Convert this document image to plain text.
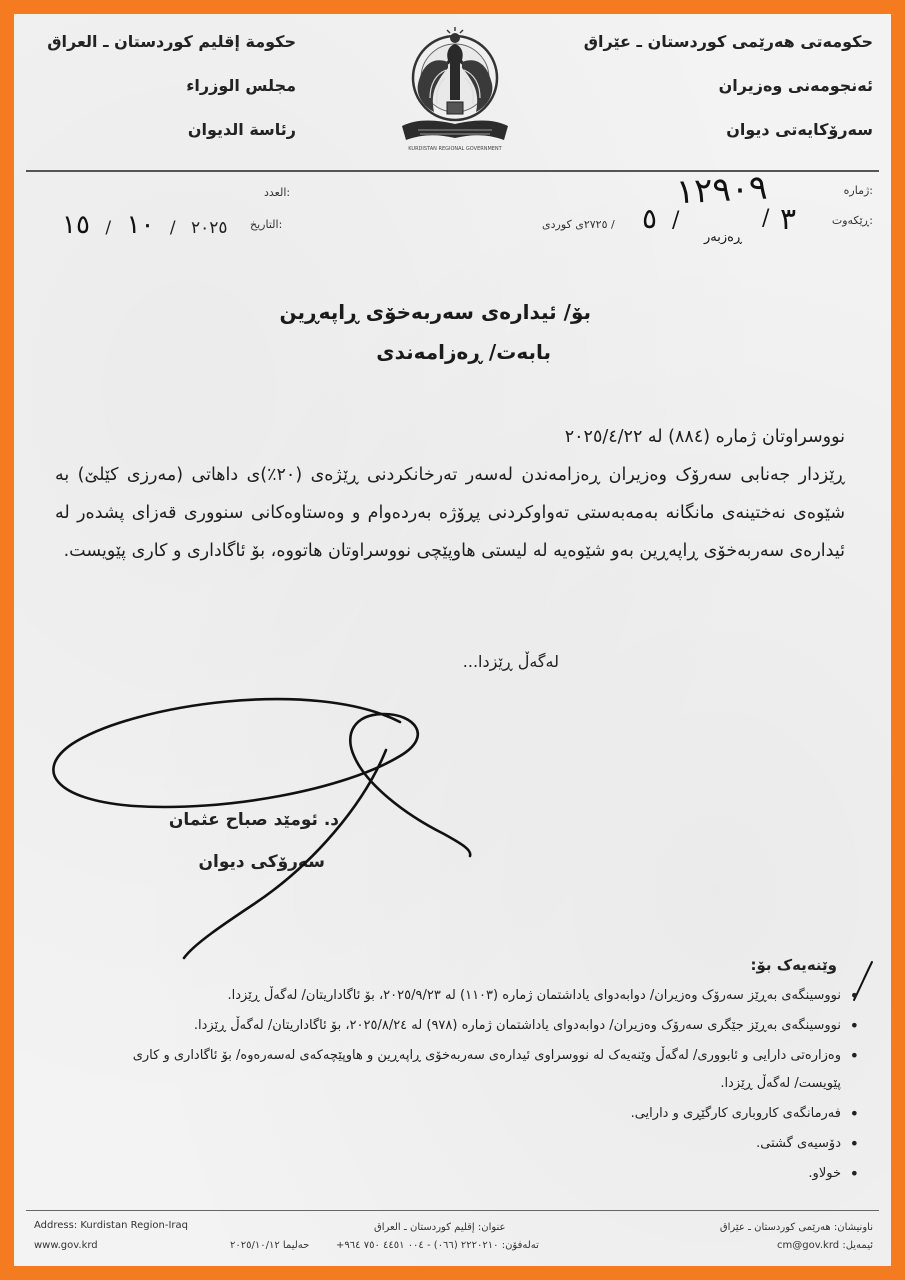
حکومەتی هەرێمی کوردستان ـ عێراق
ئەنجومەنی وەزیران
سەرۆکایەتی دیوان
حكومة إقليم كوردستان ـ العراق
مجلس الوزراء
رئاسة الديوان
KURDISTAN REGIONAL GOVERNMENT
ژمارە:
ڕێکەوت:
العدد:
التاريخ:
١٢٩٠٩
٣
/
/
٥
/ ٢٧٢٥ی کوردی
ڕەزبەر
٢٠٢٥ / ١٠ / ١٥
بۆ/ ئیدارەی سەربەخۆی ڕاپەڕین
بابەت/ ڕەزامەندی

نووسراوتان ژمارە (٨٨٤) لە ٢٠٢٥/٤/٢٢

ڕێزدار جەنابی سەرۆک وەزیران ڕەزامەندن لەسەر تەرخانکردنی ڕێژەی (٢٠٪)ی داهاتی (مەرزی کێلێ) بە شێوەی نەختینەی مانگانە بەمەبەستی تەواوکردنی پڕۆژە بەردەوام و وەستاوەکانی سنووری قەزای پشدەر لە ئیدارەی سەربەخۆی ڕاپەڕین بەو شێوەیە لە لیستی هاوپێچی نووسراوتان هاتووە، بۆ ئاگاداری و کاری پێویست.

لەگەڵ ڕێزدا...
د. ئومێد صباح عثمان
سەرۆکی دیوان
وێنەیەک بۆ:
• نووسینگەی بەڕێز سەرۆک وەزیران/ دوابەدوای یاداشتمان ژمارە (١١٠٣) لە ٢٠٢٥/٩/٢٣، بۆ ئاگاداریتان/ لەگەڵ ڕێزدا.
• نووسینگەی بەڕێز جێگری سەرۆک وەزیران/ دوابەدوای یاداشتمان ژمارە (٩٧٨) لە ٢٠٢٥/٨/٢٤، بۆ ئاگاداریتان/ لەگەڵ ڕێزدا.
• وەزارەتی دارایی و ئابووری/ لەگەڵ وێنەیەک لە نووسراوی ئیدارەی سەربەخۆی ڕاپەڕین و هاوپێچەکەی لەسەرەوە/ بۆ ئاگاداری و کاری پێویست/ لەگەڵ ڕێزدا.
• فەرمانگەی کاروباری کارگێڕی و دارایی.
• دۆسیەی گشتی.
• خولاو.
Address: Kurdistan Region-Iraq
www.gov.krd
عنوان: إقليم كوردستان ـ العراق
تەلەفۆن: ٢٢٢٠٢١٠ (٠٦٦) - ٠٠٤ ٤٤٥١ ٧٥٠ ٩٦٤+
حەلیما ٢٠٢٥/١٠/١٢
ناونیشان: هەرێمی کوردستان ـ عێراق
ئیمەیل: cm@gov.krd
